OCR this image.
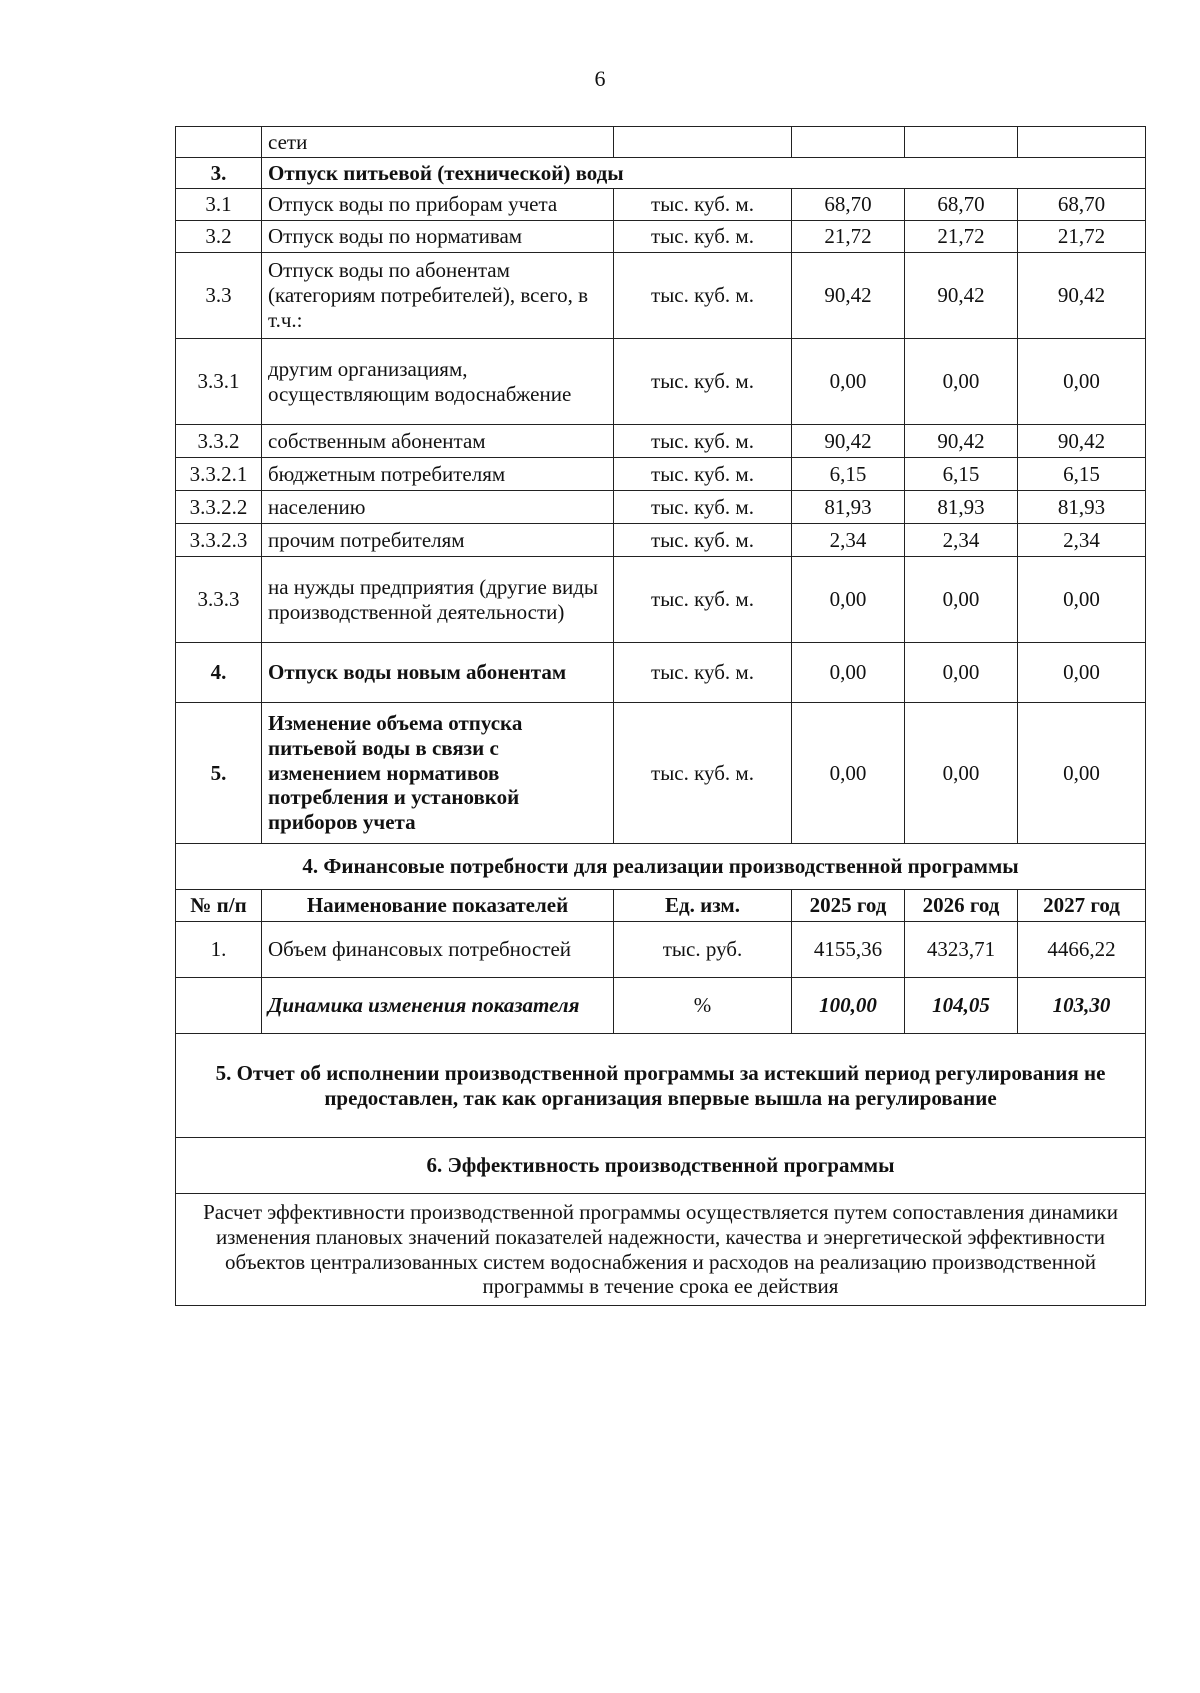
6
	сети				
3.	Отпуск питьевой (технической) воды				
3.1	Отпуск воды по приборам учета	тыс. куб. м.	68,70	68,70	68,70
3.2	Отпуск воды по нормативам	тыс. куб. м.	21,72	21,72	21,72
3.3	Отпуск воды по абонентам (категориям потребителей), всего, в т.ч.:	тыс. куб. м.	90,42	90,42	90,42
3.3.1	другим организациям, осуществляющим водоснабжение	тыс. куб. м.	0,00	0,00	0,00
3.3.2	собственным абонентам	тыс. куб. м.	90,42	90,42	90,42
3.3.2.1	бюджетным потребителям	тыс. куб. м.	6,15	6,15	6,15
3.3.2.2	населению	тыс. куб. м.	81,93	81,93	81,93
3.3.2.3	прочим потребителям	тыс. куб. м.	2,34	2,34	2,34
3.3.3	на нужды предприятия (другие виды производственной деятельности)	тыс. куб. м.	0,00	0,00	0,00
4.	Отпуск воды новым абонентам	тыс. куб. м.	0,00	0,00	0,00
5.	Изменение объема отпуска питьевой воды в связи с изменением нормативов потребления и установкой приборов учета	тыс. куб. м.	0,00	0,00	0,00
4. Финансовые потребности для реализации производственной программы					
№ п/п	Наименование показателей	Ед. изм.	2025 год	2026 год	2027 год
1.	Объем финансовых потребностей	тыс. руб.	4155,36	4323,71	4466,22
	Динамика изменения показателя	%	100,00	104,05	103,30
5. Отчет об исполнении производственной программы за истекший период регулирования не предоставлен, так как организация впервые вышла на регулирование					
6. Эффективность производственной программы					
Расчет эффективности производственной программы осуществляется путем сопоставления динамики изменения плановых значений показателей надежности, качества и энергетической эффективности объектов централизованных систем водоснабжения и расходов на реализацию производственной программы в течение срока ее действия					
